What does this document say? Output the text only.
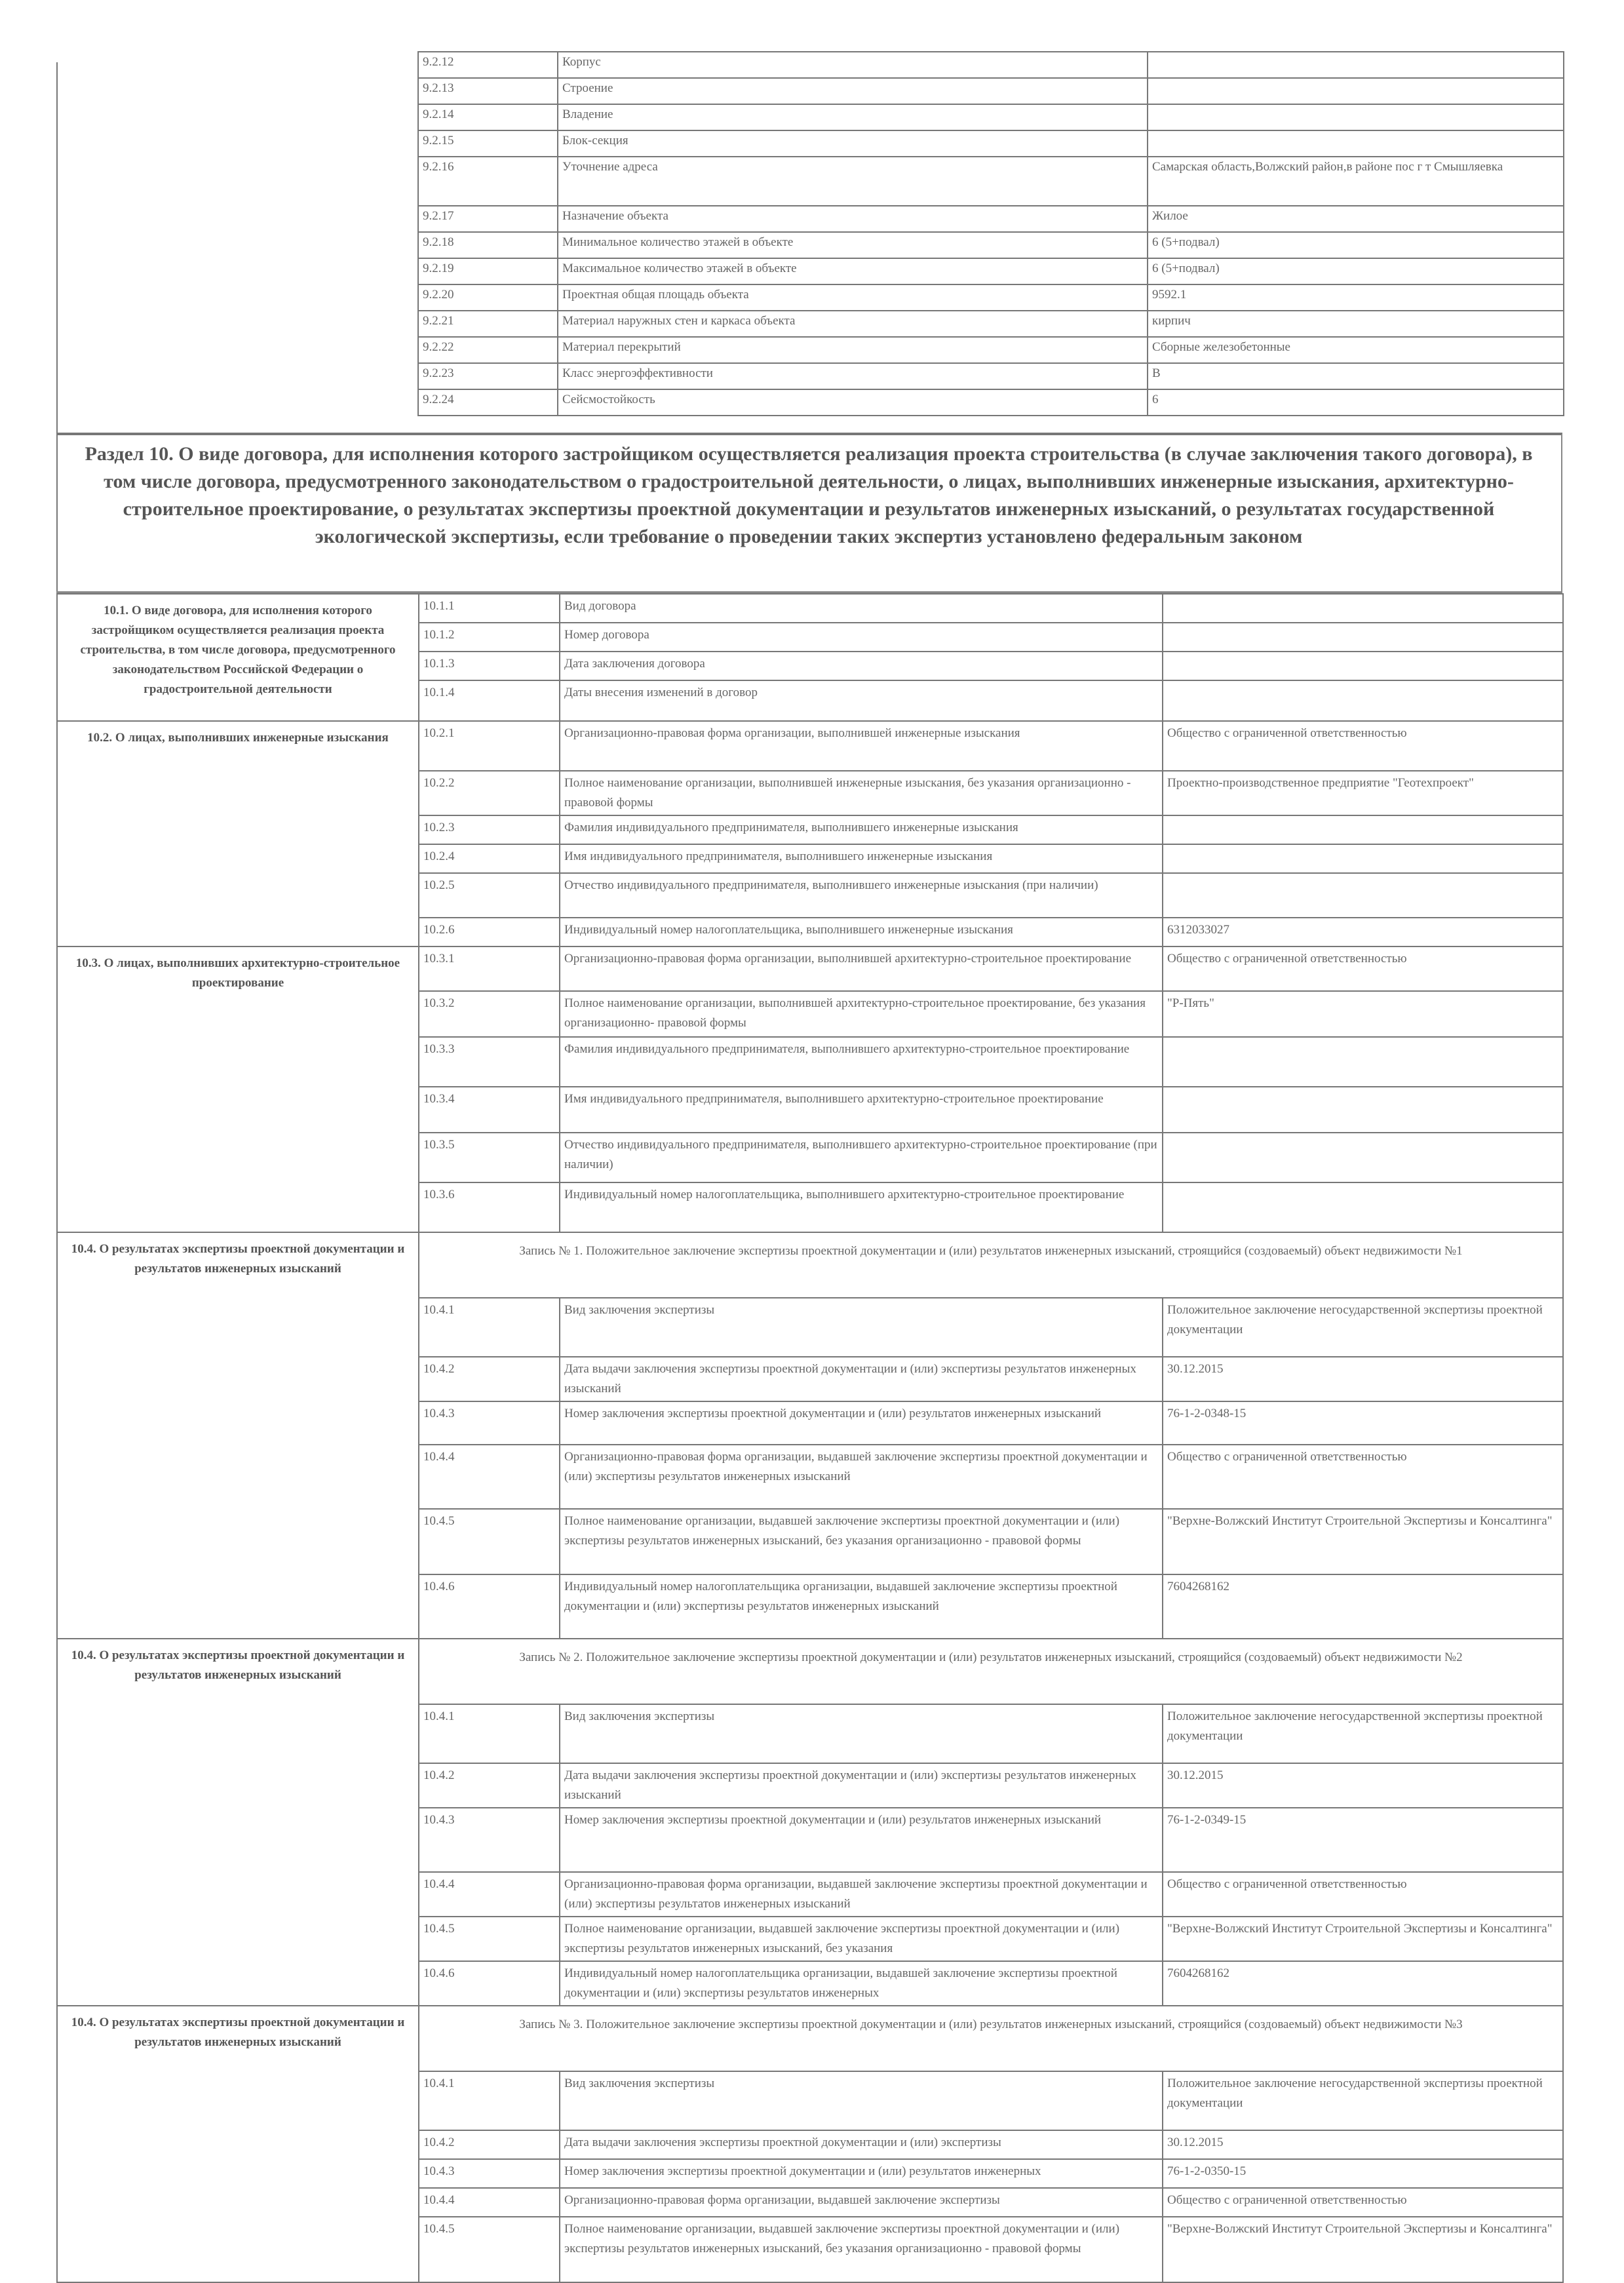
9.2.12	Корпус	
9.2.13	Строение	
9.2.14	Владение	
9.2.15	Блок-секция	
9.2.16	Уточнение адреса	Самарская область,Волжский район,в районе пос г т Смышляевка
9.2.17	Назначение объекта	Жилое
9.2.18	Минимальное количество этажей в объекте	6 (5+подвал)
9.2.19	Максимальное количество этажей в объекте	6 (5+подвал)
9.2.20	Проектная общая площадь объекта	9592.1
9.2.21	Материал наружных стен и каркаса объекта	кирпич
9.2.22	Материал перекрытий	Сборные железобетонные
9.2.23	Класс энергоэффективности	В
9.2.24	Сейсмостойкость	6
Раздел 10. О виде договора, для исполнения которого застройщиком осуществляется реализация проекта строительства (в случае заключения такого договора), в том числе договора, предусмотренного законодательством о градостроительной деятельности, о лицах, выполнивших инженерные изыскания, архитектурно-строительное проектирование, о результатах экспертизы проектной документации и результатов инженерных изысканий, о результатах государственной экологической экспертизы, если требование о проведении таких экспертиз установлено федеральным законом
10.1. О виде договора, для исполнения которого застройщиком осуществляется реализация проекта строительства, в том числе договора, предусмотренного законодательством Российской Федерации о градостроительной деятельности	10.1.1	Вид договора	
	10.1.2	Номер договора	
	10.1.3	Дата заключения договора	
	10.1.4	Даты внесения изменений в договор	
10.2. О лицах, выполнивших инженерные изыскания	10.2.1	Организационно-правовая форма организации, выполнившей инженерные изыскания	Общество с ограниченной ответственностью
	10.2.2	Полное наименование организации, выполнившей инженерные изыскания, без указания организационно - правовой формы	Проектно-производственное предприятие "Геотехпроект"
	10.2.3	Фамилия индивидуального предпринимателя, выполнившего инженерные изыскания	
	10.2.4	Имя индивидуального предпринимателя, выполнившего инженерные изыскания	
	10.2.5	Отчество индивидуального предпринимателя, выполнившего инженерные изыскания (при наличии)	
	10.2.6	Индивидуальный номер налогоплательщика, выполнившего инженерные изыскания	6312033027
10.3. О лицах, выполнивших архитектурно-строительное проектирование	10.3.1	Организационно-правовая форма организации, выполнившей архитектурно-строительное проектирование	Общество с ограниченной ответственностью
	10.3.2	Полное наименование организации, выполнившей архитектурно-строительное проектирование, без указания организационно- правовой формы	"Р-Пять"
	10.3.3	Фамилия индивидуального предпринимателя, выполнившего архитектурно-строительное проектирование	
	10.3.4	Имя индивидуального предпринимателя, выполнившего архитектурно-строительное проектирование	
	10.3.5	Отчество индивидуального предпринимателя, выполнившего архитектурно-строительное проектирование (при наличии)	
	10.3.6	Индивидуальный номер налогоплательщика, выполнившего архитектурно-строительное проектирование	
10.4. О результатах экспертизы проектной документации и результатов инженерных изысканий	Запись № 1. Положительное заключение экспертизы проектной документации и (или) результатов инженерных изысканий, строящийся (создоваемый) объект недвижимости №1		
	10.4.1	Вид заключения экспертизы	Положительное заключение негосударственной экспертизы проектной документации
	10.4.2	Дата выдачи заключения экспертизы проектной документации и (или) экспертизы результатов инженерных изысканий	30.12.2015
	10.4.3	Номер заключения экспертизы проектной документации и (или) результатов инженерных изысканий	76-1-2-0348-15
	10.4.4	Организационно-правовая форма организации, выдавшей заключение экспертизы проектной документации и (или) экспертизы результатов инженерных изысканий	Общество с ограниченной ответственностью
	10.4.5	Полное наименование организации, выдавшей заключение экспертизы проектной документации и (или) экспертизы результатов инженерных изысканий, без указания организационно - правовой формы	"Верхне-Волжский Институт Строительной Экспертизы и Консалтинга"
	10.4.6	Индивидуальный номер налогоплательщика организации, выдавшей заключение экспертизы проектной документации и (или) экспертизы результатов инженерных изысканий	7604268162
10.4. О результатах экспертизы проектной документации и результатов инженерных изысканий	Запись № 2. Положительное заключение экспертизы проектной документации и (или) результатов инженерных изысканий, строящийся (создоваемый) объект недвижимости №2		
	10.4.1	Вид заключения экспертизы	Положительное заключение негосударственной экспертизы проектной документации
	10.4.2	Дата выдачи заключения экспертизы проектной документации и (или) экспертизы результатов инженерных изысканий	30.12.2015
	10.4.3	Номер заключения экспертизы проектной документации и (или) результатов инженерных изысканий	76-1-2-0349-15
	10.4.4	Организационно-правовая форма организации, выдавшей заключение экспертизы проектной документации и (или) экспертизы результатов инженерных изысканий	Общество с ограниченной ответственностью
	10.4.5	Полное наименование организации, выдавшей заключение экспертизы проектной документации и (или) экспертизы результатов инженерных изысканий, без указания	"Верхне-Волжский Институт Строительной Экспертизы и Консалтинга"
	10.4.6	Индивидуальный номер налогоплательщика организации, выдавшей заключение экспертизы проектной документации и (или) экспертизы результатов инженерных	7604268162
10.4. О результатах экспертизы проектной документации и результатов инженерных изысканий	Запись № 3. Положительное заключение экспертизы проектной документации и (или) результатов инженерных изысканий, строящийся (создоваемый) объект недвижимости №3		
	10.4.1	Вид заключения экспертизы	Положительное заключение негосударственной экспертизы проектной документации
	10.4.2	Дата выдачи заключения экспертизы проектной документации и (или) экспертизы	30.12.2015
	10.4.3	Номер заключения экспертизы проектной документации и (или) результатов инженерных	76-1-2-0350-15
	10.4.4	Организационно-правовая форма организации, выдавшей заключение экспертизы	Общество с ограниченной ответственностью
	10.4.5	Полное наименование организации, выдавшей заключение экспертизы проектной документации и (или) экспертизы результатов инженерных изысканий, без указания организационно - правовой формы	"Верхне-Волжский Институт Строительной Экспертизы и Консалтинга"
